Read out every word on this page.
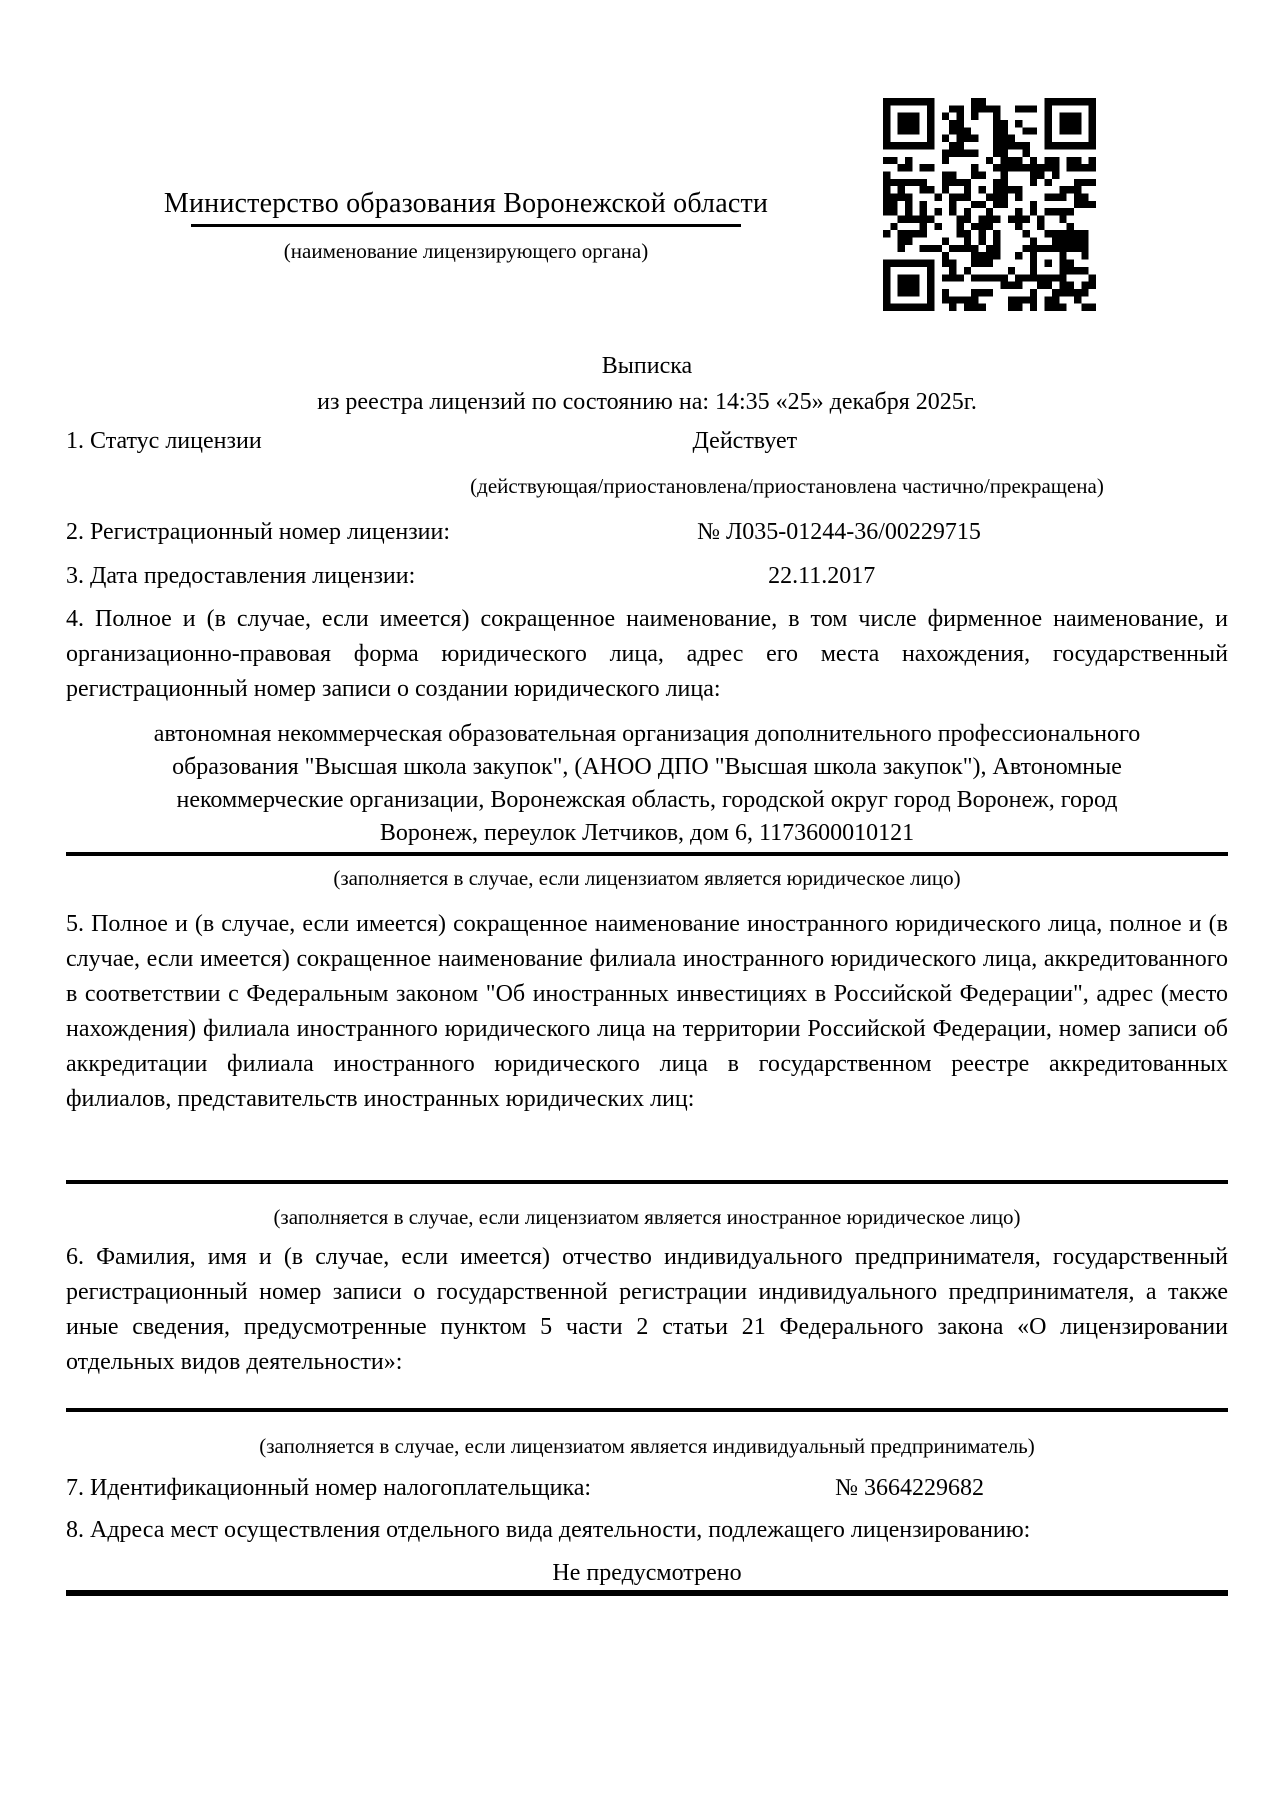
Министерство образования Воронежской области
(наименование лицензирующего органа)
Выписка
из реестра лицензий по состоянию на: 14:35 «25» декабря 2025г.
1. Статус лицензии	Действует
(действующая/приостановлена/приостановлена частично/прекращена)
2. Регистрационный номер лицензии:	№ Л035-01244-36/00229715
3. Дата предоставления лицензии:	22.11.2017
4. Полное и (в случае, если имеется) сокращенное наименование, в том числе фирменное наименование, и организационно-правовая форма юридического лица, адрес его места нахождения, государственный регистрационный номер записи о создании юридического лица:
автономная некоммерческая образовательная организация дополнительного профессионального образования "Высшая школа закупок", (АНОО ДПО "Высшая школа закупок"), Автономные некоммерческие организации, Воронежская область, городской округ город Воронеж, город Воронеж, переулок Летчиков, дом 6, 1173600010121
(заполняется в случае, если лицензиатом является юридическое лицо)
5. Полное и (в случае, если имеется) сокращенное наименование иностранного юридического лица, полное и (в случае, если имеется) сокращенное наименование филиала иностранного юридического лица, аккредитованного в соответствии с Федеральным законом "Об иностранных инвестициях в Российской Федерации", адрес (место нахождения) филиала иностранного юридического лица на территории Российской Федерации, номер записи об аккредитации филиала иностранного юридического лица в государственном реестре аккредитованных филиалов, представительств иностранных юридических лиц:
(заполняется в случае, если лицензиатом является иностранное юридическое лицо)
6. Фамилия, имя и (в случае, если имеется) отчество индивидуального предпринимателя, государственный регистрационный номер записи о государственной регистрации индивидуального предпринимателя, а также иные сведения, предусмотренные пунктом 5 части 2 статьи 21 Федерального закона «О лицензировании отдельных видов деятельности»:
(заполняется в случае, если лицензиатом является индивидуальный предприниматель)
7. Идентификационный номер налогоплательщика:	№ 3664229682
8. Адреса мест осуществления отдельного вида деятельности, подлежащего лицензированию:
Не предусмотрено
